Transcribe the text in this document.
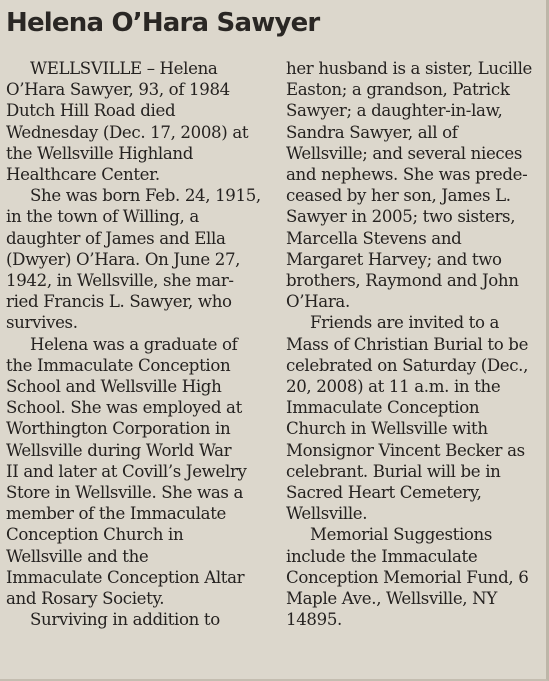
Helena O’Hara Sawyer

WELLSVILLE – Helena
O’Hara Sawyer, 93, of 1984
Dutch Hill Road died
Wednesday (Dec. 17, 2008) at
the Wellsville Highland
Healthcare Center.

She was born Feb. 24, 1915,
in the town of Willing, a
daughter of James and Ella
(Dwyer) O’Hara. On June 27,
1942, in Wellsville, she mar-
ried Francis L. Sawyer, who
survives.

Helena was a graduate of
the Immaculate Conception
School and Wellsville High
School. She was employed at
Worthington Corporation in
Wellsville during World War
II and later at Covill’s Jewelry
Store in Wellsville. She was a
member of the Immaculate
Conception Church in
Wellsville and the
Immaculate Conception Altar
and Rosary Society.

Surviving in addition to

her husband is a sister, Lucille
Easton; a grandson, Patrick
Sawyer; a daughter-in-law,
Sandra Sawyer, all of
Wellsville; and several nieces
and nephews. She was prede-
ceased by her son, James L.
Sawyer in 2005; two sisters,
Marcella Stevens and
Margaret Harvey; and two
brothers, Raymond and John
O’Hara.

Friends are invited to a
Mass of Christian Burial to be
celebrated on Saturday (Dec.,
20, 2008) at 11 a.m. in the
Immaculate Conception
Church in Wellsville with
Monsignor Vincent Becker as
celebrant. Burial will be in
Sacred Heart Cemetery,
Wellsville.

Memorial Suggestions
include the Immaculate
Conception Memorial Fund, 6
Maple Ave., Wellsville, NY
14895.
